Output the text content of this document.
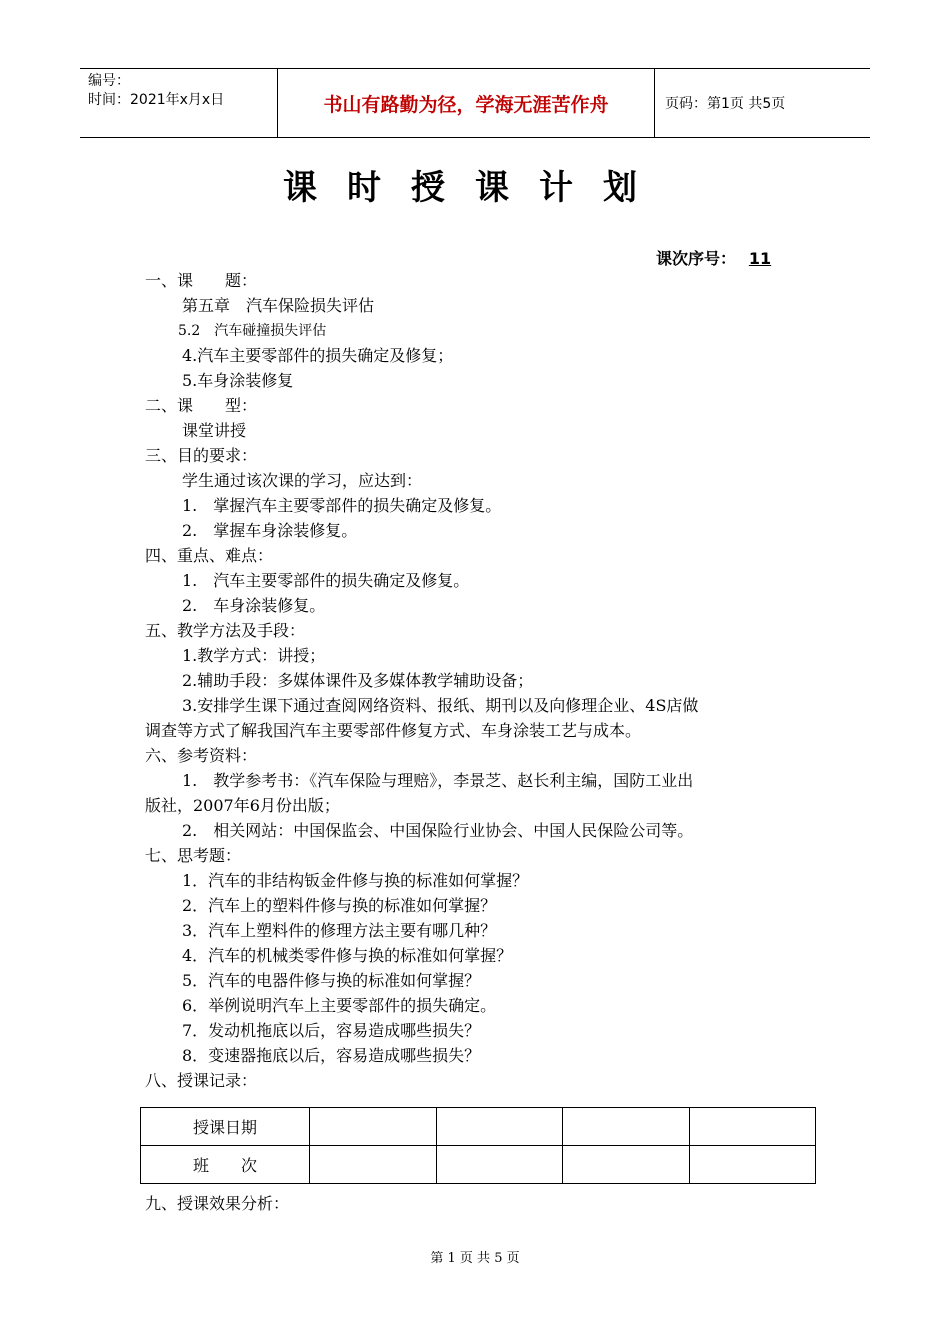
编号：
时间：2021年x月x日	书山有路勤为径，学海无涯苦作舟	页码：第1页 共5页
课时授课计划
课次序号： 11
一、课　　题：
第五章　汽车保险损失评估
5.2　汽车碰撞损失评估
4.汽车主要零部件的损失确定及修复；
5.车身涂装修复
二、课　　型：
课堂讲授
三、目的要求：
学生通过该次课的学习，应达到：
1.　掌握汽车主要零部件的损失确定及修复。
2.　掌握车身涂装修复。
四、重点、难点：
1.　汽车主要零部件的损失确定及修复。
2.　车身涂装修复。
五、教学方法及手段：
1.教学方式：讲授；
2.辅助手段：多媒体课件及多媒体教学辅助设备；
3.安排学生课下通过查阅网络资料、报纸、期刊以及向修理企业、4S店做
调查等方式了解我国汽车主要零部件修复方式、车身涂装工艺与成本。
六、参考资料：
1.　教学参考书：《汽车保险与理赔》，李景芝、赵长利主编，国防工业出
版社，2007年6月份出版；
2.　相关网站：中国保监会、中国保险行业协会、中国人民保险公司等。
七、思考题：
1．汽车的非结构钣金件修与换的标准如何掌握？
2．汽车上的塑料件修与换的标准如何掌握？
3．汽车上塑料件的修理方法主要有哪几种？
4．汽车的机械类零件修与换的标准如何掌握？
5．汽车的电器件修与换的标准如何掌握？
6．举例说明汽车上主要零部件的损失确定。
7．发动机拖底以后，容易造成哪些损失？
8．变速器拖底以后，容易造成哪些损失？
八、授课记录：
授课日期				
班　　次				
九、授课效果分析：
第 1 页 共 5 页
